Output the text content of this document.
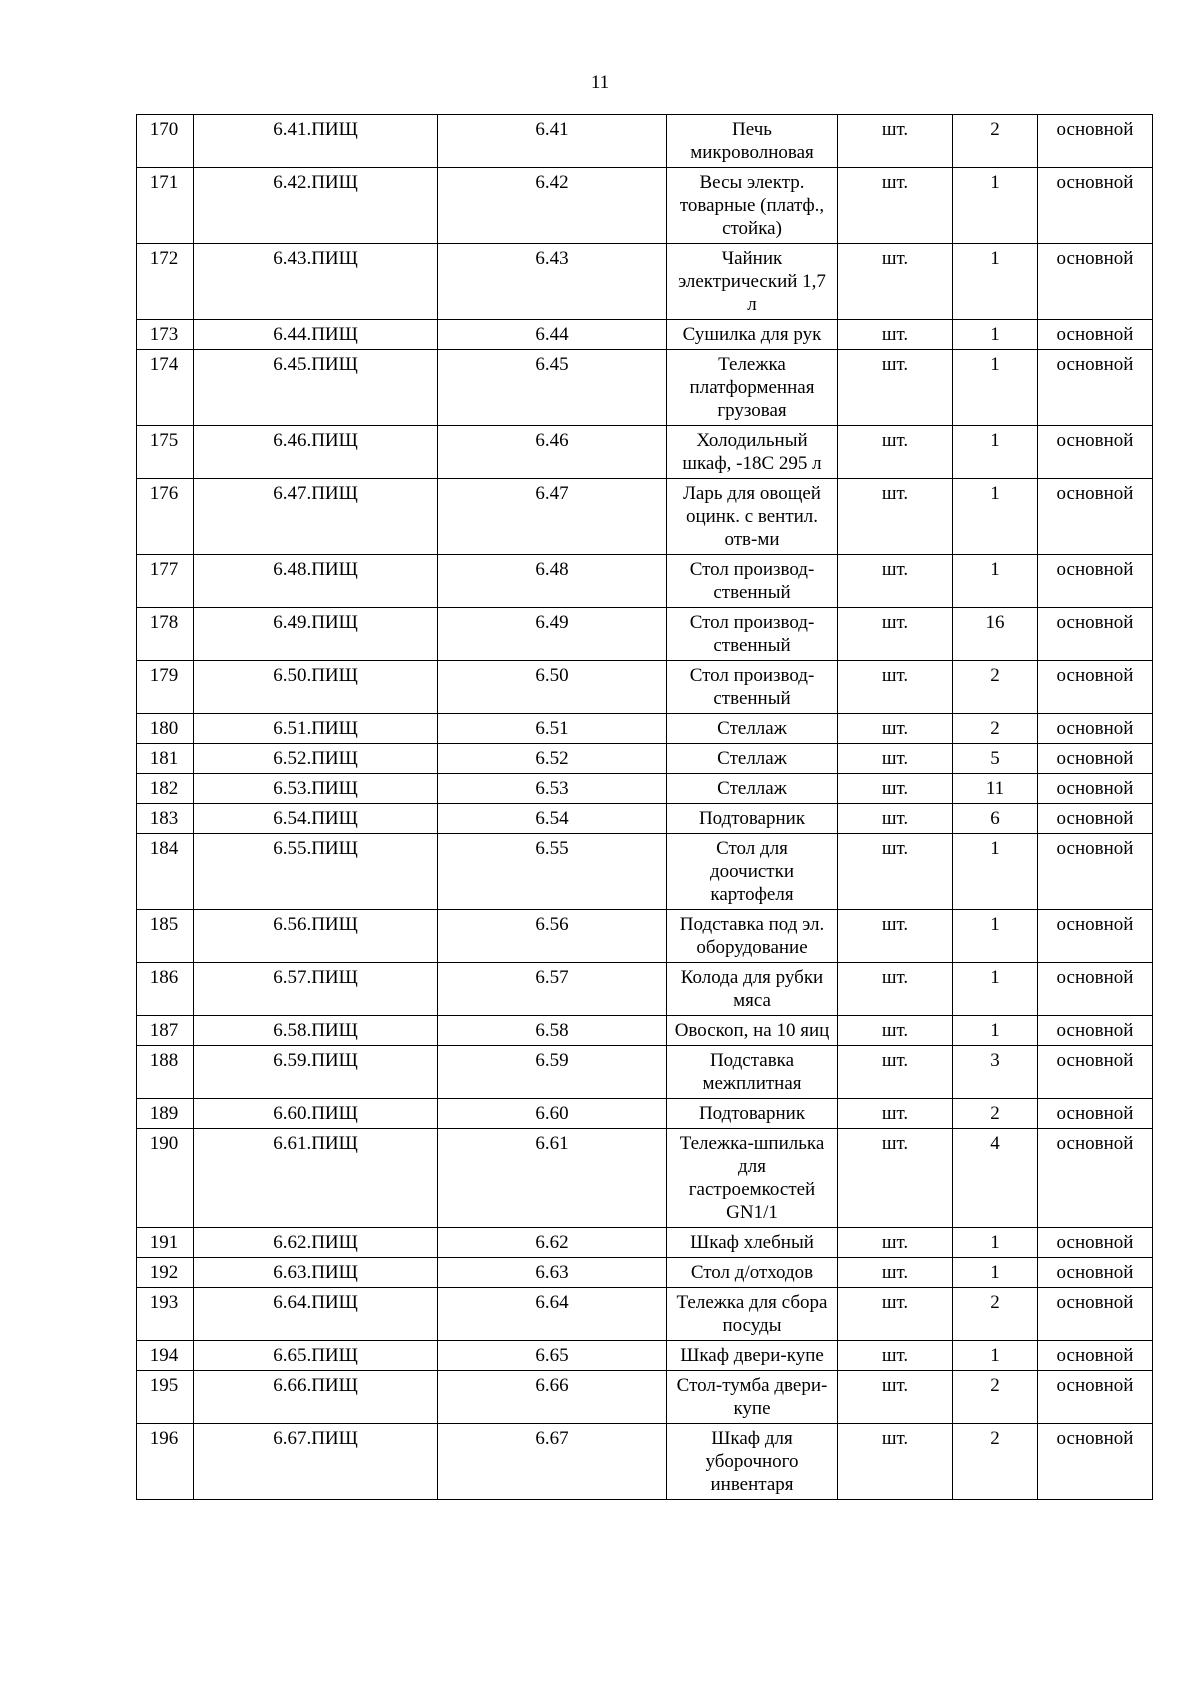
11
170	6.41.ПИЩ	6.41	Печь микроволновая	шт.	2	основной
171	6.42.ПИЩ	6.42	Весы электр. товарные (платф., стойка)	шт.	1	основной
172	6.43.ПИЩ	6.43	Чайник электрический 1,7 л	шт.	1	основной
173	6.44.ПИЩ	6.44	Сушилка для рук	шт.	1	основной
174	6.45.ПИЩ	6.45	Тележка платформенная грузовая	шт.	1	основной
175	6.46.ПИЩ	6.46	Холодильный шкаф, -18С 295 л	шт.	1	основной
176	6.47.ПИЩ	6.47	Ларь для овощей оцинк. с вентил. отв-ми	шт.	1	основной
177	6.48.ПИЩ	6.48	Стол производ-ственный	шт.	1	основной
178	6.49.ПИЩ	6.49	Стол производ-ственный	шт.	16	основной
179	6.50.ПИЩ	6.50	Стол производ-ственный	шт.	2	основной
180	6.51.ПИЩ	6.51	Стеллаж	шт.	2	основной
181	6.52.ПИЩ	6.52	Стеллаж	шт.	5	основной
182	6.53.ПИЩ	6.53	Стеллаж	шт.	11	основной
183	6.54.ПИЩ	6.54	Подтоварник	шт.	6	основной
184	6.55.ПИЩ	6.55	Стол для доочистки картофеля	шт.	1	основной
185	6.56.ПИЩ	6.56	Подставка под эл. оборудование	шт.	1	основной
186	6.57.ПИЩ	6.57	Колода для рубки мяса	шт.	1	основной
187	6.58.ПИЩ	6.58	Овоскоп, на 10 яиц	шт.	1	основной
188	6.59.ПИЩ	6.59	Подставка межплитная	шт.	3	основной
189	6.60.ПИЩ	6.60	Подтоварник	шт.	2	основной
190	6.61.ПИЩ	6.61	Тележка-шпилька для гастроемкостей GN1/1	шт.	4	основной
191	6.62.ПИЩ	6.62	Шкаф хлебный	шт.	1	основной
192	6.63.ПИЩ	6.63	Стол д/отходов	шт.	1	основной
193	6.64.ПИЩ	6.64	Тележка для сбора посуды	шт.	2	основной
194	6.65.ПИЩ	6.65	Шкаф двери-купе	шт.	1	основной
195	6.66.ПИЩ	6.66	Стол-тумба двери-купе	шт.	2	основной
196	6.67.ПИЩ	6.67	Шкаф для уборочного инвентаря	шт.	2	основной
